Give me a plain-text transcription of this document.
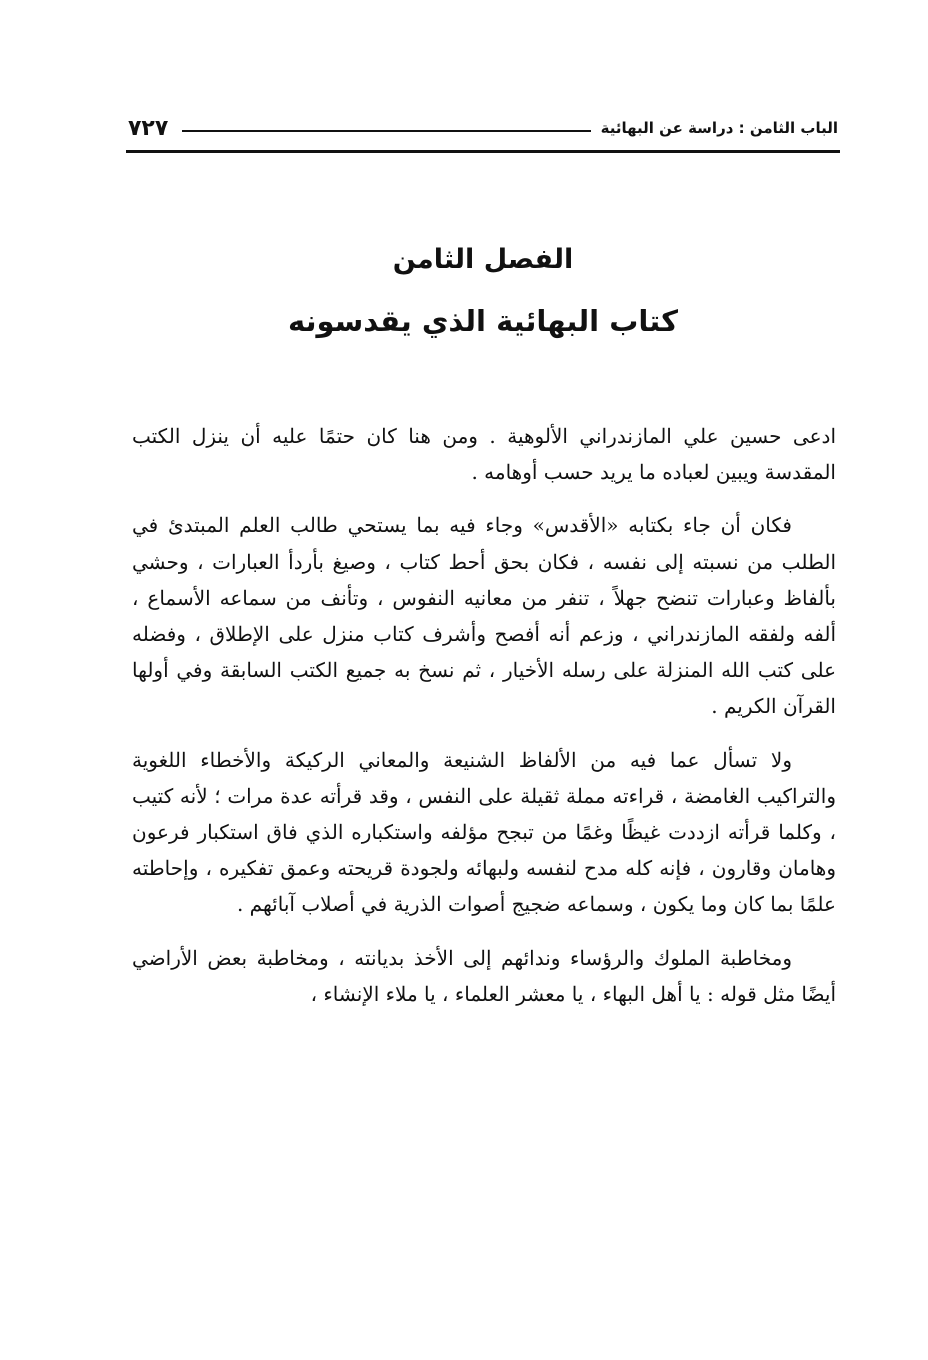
الباب الثامن : دراسة عن البهائية
٧٢٧
الفصل الثامن
كتاب البهائية الذي يقدسونه

ادعى حسين علي المازندراني الألوهية . ومن هنا كان حتمًا عليه أن ينزل الكتب المقدسة ويبين لعباده ما يريد حسب أوهامه .

فكان أن جاء بكتابه «الأقدس» وجاء فيه بما يستحي طالب العلم المبتدئ في الطلب من نسبته إلى نفسه ، فكان بحق أحط كتاب ، وصيغ بأردأ العبارات ، وحشي بألفاظ وعبارات تنضح جهلاً ، تنفر من معانيه النفوس ، وتأنف من سماعه الأسماع ، ألفه ولفقه المازندراني ، وزعم أنه أفصح وأشرف كتاب منزل على الإطلاق ، وفضله على كتب الله المنزلة على رسله الأخيار ، ثم نسخ به جميع الكتب السابقة وفي أولها القرآن الكريم .

ولا تسأل عما فيه من الألفاظ الشنيعة والمعاني الركيكة والأخطاء اللغوية والتراكيب الغامضة ، قراءته مملة ثقيلة على النفس ، وقد قرأته عدة مرات ؛ لأنه كتيب ، وكلما قرأته ازددت غيظًا وغمًا من تبجح مؤلفه واستكباره الذي فاق استكبار فرعون وهامان وقارون ، فإنه كله مدح لنفسه ولبهائه ولجودة قريحته وعمق تفكيره ، وإحاطته علمًا بما كان وما يكون ، وسماعه ضجيج أصوات الذرية في أصلاب آبائهم .

ومخاطبة الملوك والرؤساء وندائهم إلى الأخذ بديانته ، ومخاطبة بعض الأراضي أيضًا مثل قوله : يا أهل البهاء ، يا معشر العلماء ، يا ملاء الإنشاء ،
